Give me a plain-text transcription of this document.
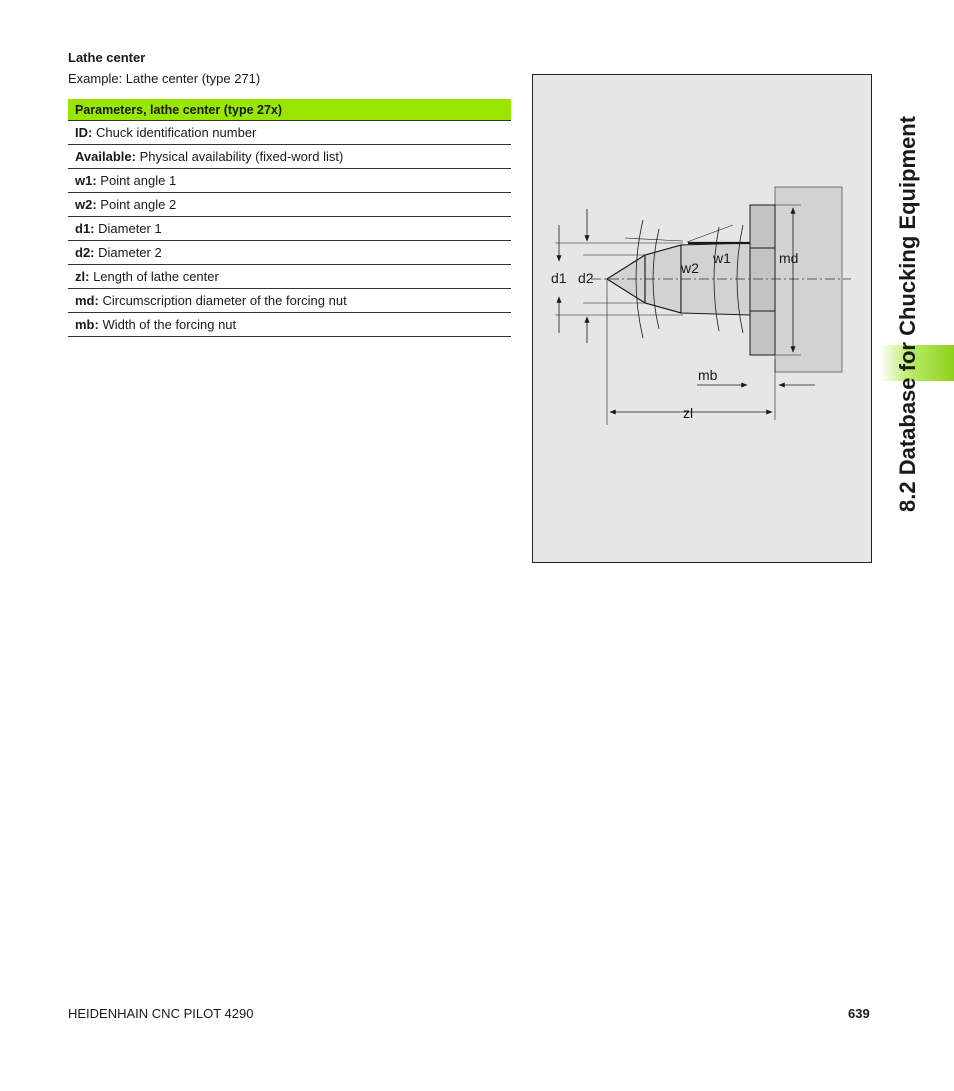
Lathe center
Example: Lathe center (type 271)
Parameters, lathe center (type 27x)
ID: Chuck identification number
Available: Physical availability (fixed-word list)
w1: Point angle 1
w2: Point angle 2
d1: Diameter 1
d2: Diameter 2
zl: Length of lathe center
md: Circumscription diameter of the forcing nut
mb: Width of the forcing nut
d1 d2
w2
w1	md
mb
zl	8.2 Database for Chucking Equipment
HEIDENHAIN CNC PILOT 4290	639
